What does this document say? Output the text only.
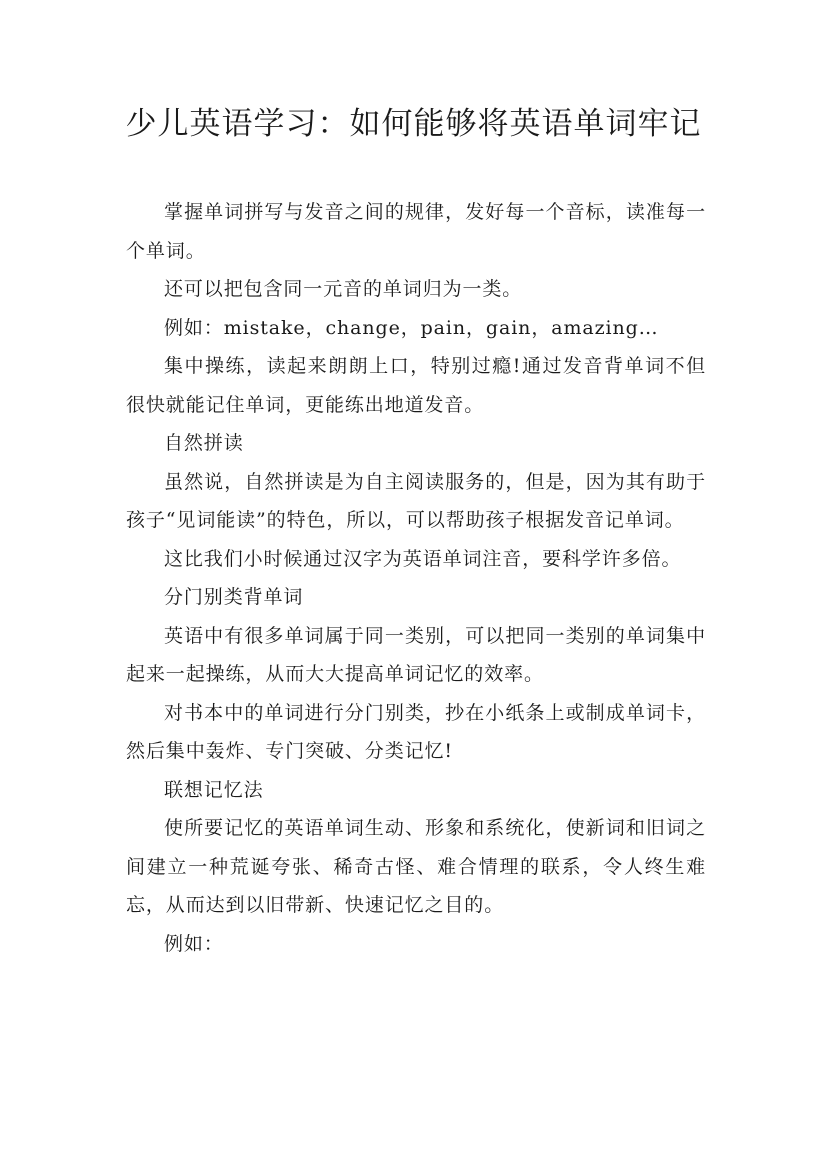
少儿英语学习：如何能够将英语单词牢记

掌握单词拼写与发音之间的规律，发好每一个音标，读准每一个单词。

还可以把包含同一元音的单词归为一类。

例如：mistake，change，pain，gain，amazing…

集中操练，读起来朗朗上口，特别过瘾!通过发音背单词不但很快就能记住单词，更能练出地道发音。

自然拼读

虽然说，自然拼读是为自主阅读服务的，但是，因为其有助于孩子“见词能读”的特色，所以，可以帮助孩子根据发音记单词。

这比我们小时候通过汉字为英语单词注音，要科学许多倍。

分门别类背单词

英语中有很多单词属于同一类别，可以把同一类别的单词集中起来一起操练，从而大大提高单词记忆的效率。

对书本中的单词进行分门别类，抄在小纸条上或制成单词卡，然后集中轰炸、专门突破、分类记忆!

联想记忆法

使所要记忆的英语单词生动、形象和系统化，使新词和旧词之间建立一种荒诞夸张、稀奇古怪、难合情理的联系，令人终生难忘，从而达到以旧带新、快速记忆之目的。

例如：
